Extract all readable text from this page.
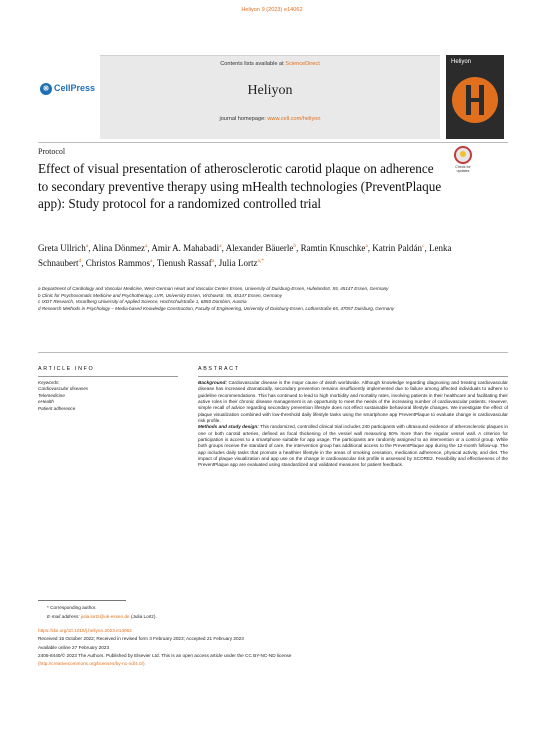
Heliyon 9 (2023) e14062
❋ CellPress
Contents lists available at ScienceDirect
Heliyon
journal homepage: www.cell.com/heliyon
Heliyon
Protocol
Check for updates
Effect of visual presentation of atherosclerotic carotid plaque on adherence to secondary preventive therapy using mHealth technologies (PreventPlaque app): Study protocol for a randomized controlled trial
Greta Ullrich$^a$, Alina Dönmez$^a$, Amir A. Mahabadi$^a$, Alexander Bäuerle$^b$, Ramtin Knuschke$^a$, Katrin Paldán$^c$, Lenka Schnaubert$^d$, Christos Rammos$^a$, Tienush Rassaf$^a$, Julia Lortz$^{a,*}$

a Department of Cardiology and Vascular Medicine, West-German Heart and Vascular Center Essen, University of Duisburg-Essen, Hufelandstr. 55, 45147 Essen, Germany

b Clinic for Psychosomatic Medicine and Psychotherapy, LVR, University Essen, Virchowstr. 55, 45147 Essen, Germany

c IXDT Research, Vorarlberg University of Applied Science, Hochschulstraße 1, 6850 Dornbirn, Austria

d Research Methods in Psychology – Media-based Knowledge Construction, Faculty of Engineering, University of Duisburg-Essen, Lotharstraße 65, 47057 Duisburg, Germany

ARTICLE INFO
Keywords:
Cardiovascular diseases
Telemedicine
eHealth
Patient adherence
ABSTRACT

Background: Cardiovascular disease is the major cause of death worldwide. Although knowledge regarding diagnosing and treating cardiovascular disease has increased dramatically, secondary prevention remains insufficiently implemented due to failure among affected individuals to adhere to guideline recommendations. This has continued to lead to high morbidity and mortality rates, involving patients in their healthcare and facilitating their active roles in their chronic disease management is an opportunity to meet the needs of the increasing number of cardiovascular patients. However, simple recall of advice regarding secondary prevention lifestyle does not effect sustainable behavioral lifestyle changes. We investigate the effect of plaque visualization combined with low-threshold daily lifestyle tasks using the smartphone app PreventPlaque to evaluate change in cardiovascular risk profile.

Methods and study design: This randomized, controlled clinical trial includes 240 participants with ultrasound evidence of atherosclerotic plaques in one or both carotid arteries, defined as focal thickening of the vessel wall measuring 50% more than the regular vessel wall. A criterion for participation is access to a smartphone suitable for app usage. The participants are randomly assigned to an intervention or a control group. While both groups receive the standard of care, the intervention group has additional access to the PreventPlaque app during the 12-month follow-up. The app includes daily tasks that promote a healthier lifestyle in the areas of smoking cessation, medication adherence, physical activity, and diet. The impact of plaque visualization and app use on the change in cardiovascular risk profile is assessed by SCORE2. Feasibility and effectiveness of the PreventPlaque app are evaluated using standardized and validated measures for patient feedback.

* Corresponding author.
E-mail address: julia.lortz@uk-essen.de (Julia Lortz).
https://doi.org/10.1016/j.heliyon.2023.e14062
Received 15 October 2022; Received in revised form 3 February 2023; Accepted 21 February 2023
Available online 27 February 2023
2405-8440/© 2023 The Authors. Published by Elsevier Ltd. This is an open access article under the CC BY-NC-ND license
(http://creativecommons.org/licenses/by-nc-nd/4.0/).
